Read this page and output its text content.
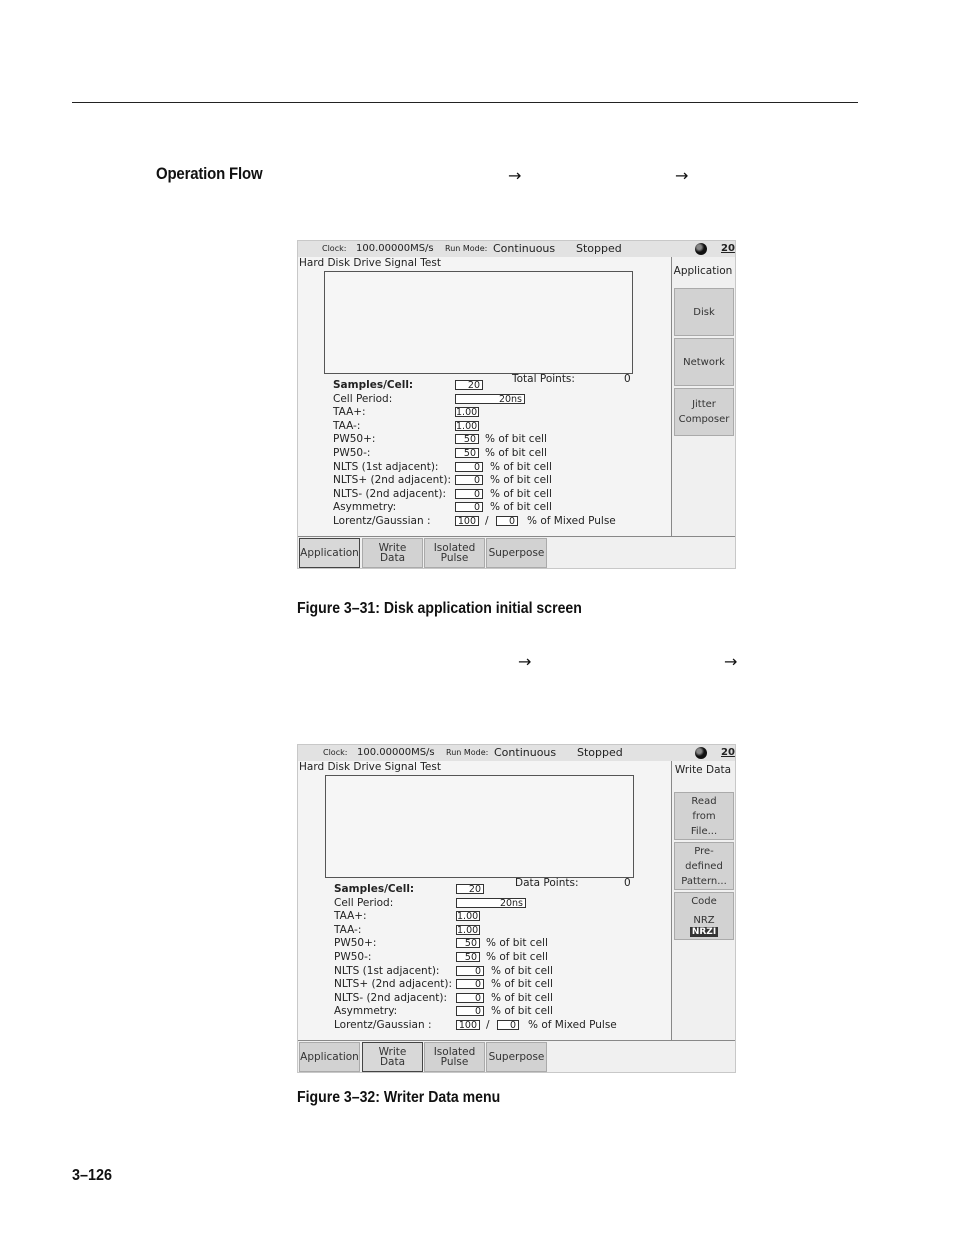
Operation Flow	→	→
Clock: 100.00000MS/s Run Mode: Continuous Stopped	20
Hard Disk Drive Signal Test
Total Points:	0
Samples/Cell:	20
Cell Period:	20ns
TAA+:	1.00
TAA-:	1.00
PW50+:	50 % of bit cell
PW50-:	50 % of bit cell
NLTS (1st adjacent):	0 % of bit cell
NLTS+ (2nd adjacent):	0 % of bit cell
NLTS- (2nd adjacent):	0 % of bit cell
Asymmetry:	0 % of bit cell
Lorentz/Gaussian :	100 /	0 % of Mixed Pulse
Application
Disk
Network
Jitter Composer
Application	Write Data
Isolated Pulse	Superpose
Figure 3–31: Disk application initial screen
→	→
Clock: 100.00000MS/s Run Mode: Continuous Stopped	20
Hard Disk Drive Signal Test
Data Points:	0
Samples/Cell:	20
Cell Period:	20ns
TAA+:	1.00
TAA-:	1.00
PW50+:	50 % of bit cell
PW50-:	50 % of bit cell
NLTS (1st adjacent):	0 % of bit cell
NLTS+ (2nd adjacent):	0 % of bit cell
NLTS- (2nd adjacent):	0 % of bit cell
Asymmetry:	0 % of bit cell
Lorentz/Gaussian :	100 /	0 % of Mixed Pulse
Write Data
Read from File...
Pre-defined Pattern...
Code
NRZ
NRZI
Application	Write Data
Isolated Pulse	Superpose
Figure 3–32: Writer Data menu
3–126
